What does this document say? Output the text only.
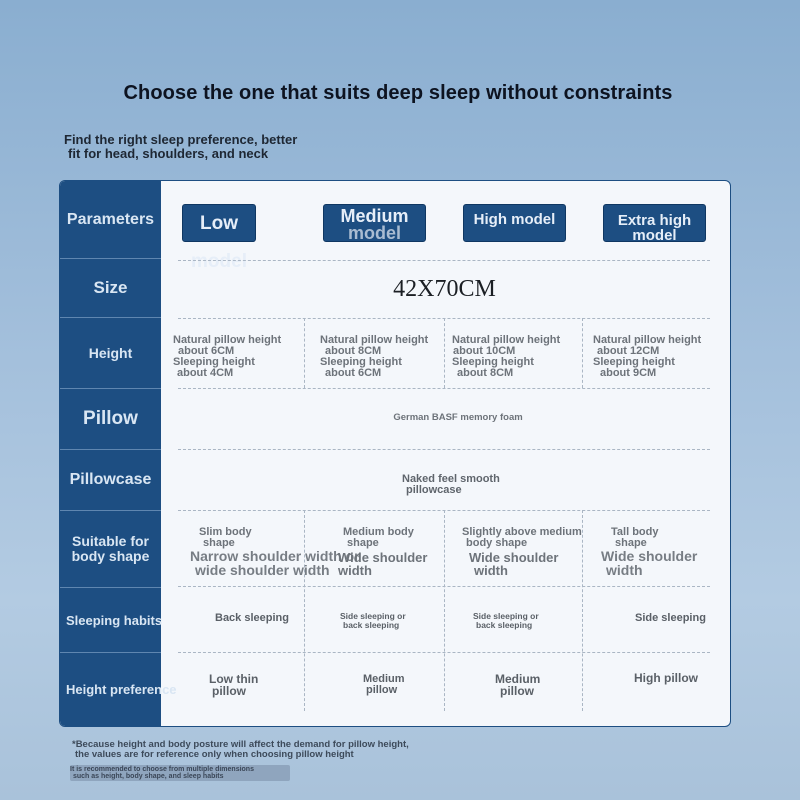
Choose the one that suits deep sleep without constraints
Find the right sleep preference, better
fit for head, shoulders, and neck
Parameters
Size
Height
Pillow
Pillowcase
Suitable for
body shape
Sleeping habits
Height preference
Low model
Medium
model
High model	Extra high
model
42X70CM
Natural pillow height
about 6CM
Sleeping height
about 4CM
Natural pillow height
about 8CM
Sleeping height
about 6CM
Natural pillow height
about 10CM
Sleeping height
about 8CM
Natural pillow height
about 12CM
Sleeping height
about 9CM
German BASF memory foam
Naked feel smooth
pillowcase
Slim body
shape
Narrow shoulder width or
wide shoulder width
Medium body
shape
Wide shoulder
width
Slightly above medium
body shape
Wide shoulder
width
Tall body
shape
Wide shoulder
width
Back sleeping	Side sleeping or
back sleeping
Side sleeping or
back sleeping
Side sleeping
Low thin
pillow
Medium
pillow
Medium
pillow
High pillow
*Because height and body posture will affect the demand for pillow height,
the values are for reference only when choosing pillow height
It is recommended to choose from multiple dimensions
such as height, body shape, and sleep habits
